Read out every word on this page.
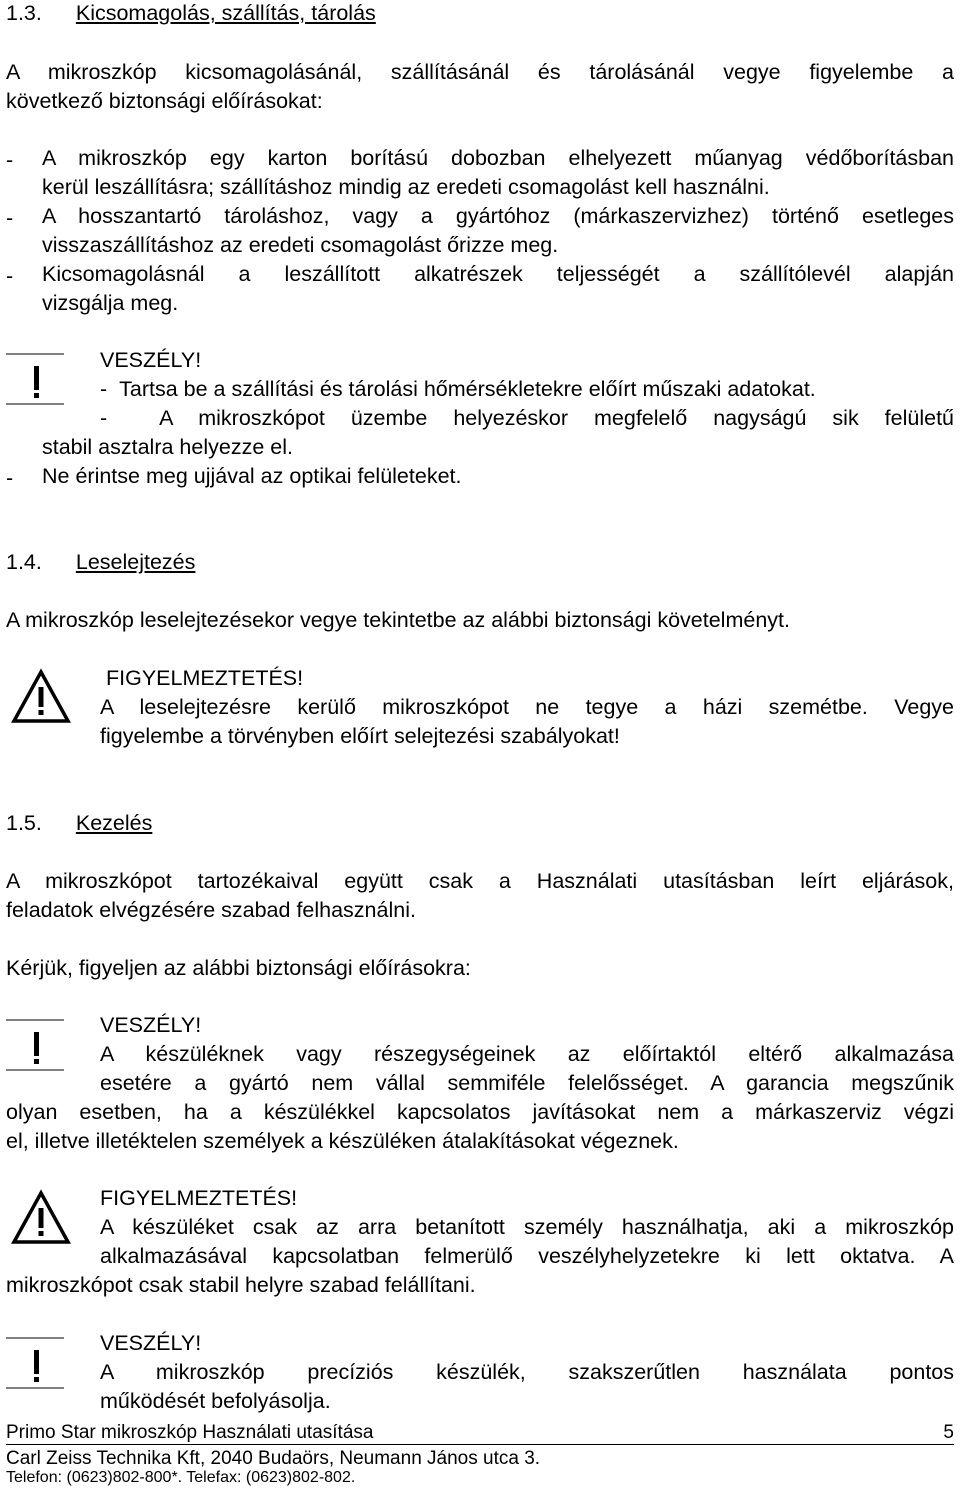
1.3. Kicsomagolás, szállítás, tárolás
A mikroszkóp kicsomagolásánál, szállításánál és tárolásánál vegye figyelembe a
következő biztonsági előírásokat:
- A mikroszkóp egy karton borítású dobozban elhelyezett műanyag védőborításban
kerül leszállításra; szállításhoz mindig az eredeti csomagolást kell használni.
- A hosszantartó tároláshoz, vagy a gyártóhoz (márkaszervizhez) történő esetleges
visszaszállításhoz az eredeti csomagolást őrizze meg.
- Kicsomagolásnál a leszállított alkatrészek teljességét a szállítólevél alapján
vizsgálja meg.
VESZÉLY!
-  Tartsa be a szállítási és tárolási hőmérsékletekre előírt műszaki adatokat.
-  A mikroszkópot üzembe helyezéskor megfelelő nagyságú sik felületű
stabil asztalra helyezze el.
- Ne érintse meg ujjával az optikai felületeket.
1.4. Leselejtezés
A mikroszkóp leselejtezésekor vegye tekintetbe az alábbi biztonsági követelményt.
FIGYELMEZTETÉS!
A leselejtezésre kerülő mikroszkópot ne tegye a házi szemétbe. Vegye
figyelembe a törvényben előírt selejtezési szabályokat!
1.5. Kezelés
A mikroszkópot tartozékaival együtt csak a Használati utasításban leírt eljárások,
feladatok elvégzésére szabad felhasználni.
Kérjük, figyeljen az alábbi biztonsági előírásokra:
VESZÉLY!
A készüléknek vagy részegységeinek az előírtaktól eltérő alkalmazása
esetére a gyártó nem vállal semmiféle felelősséget. A garancia megszűnik
olyan esetben, ha a készülékkel kapcsolatos javításokat nem a márkaszerviz végzi
el, illetve illetéktelen személyek a készüléken átalakításokat végeznek.
FIGYELMEZTETÉS!
A készüléket csak az arra betanított személy használhatja, aki a mikroszkóp
alkalmazásával kapcsolatban felmerülő veszélyhelyzetekre ki lett oktatva. A
mikroszkópot csak stabil helyre szabad felállítani.
VESZÉLY!
A mikroszkóp precíziós készülék, szakszerűtlen használata pontos
működését befolyásolja.
Primo Star mikroszkóp Használati utasítása	5
Carl Zeiss Technika Kft, 2040 Budaörs, Neumann János utca 3.
Telefon: (0623)802-800*. Telefax: (0623)802-802.
